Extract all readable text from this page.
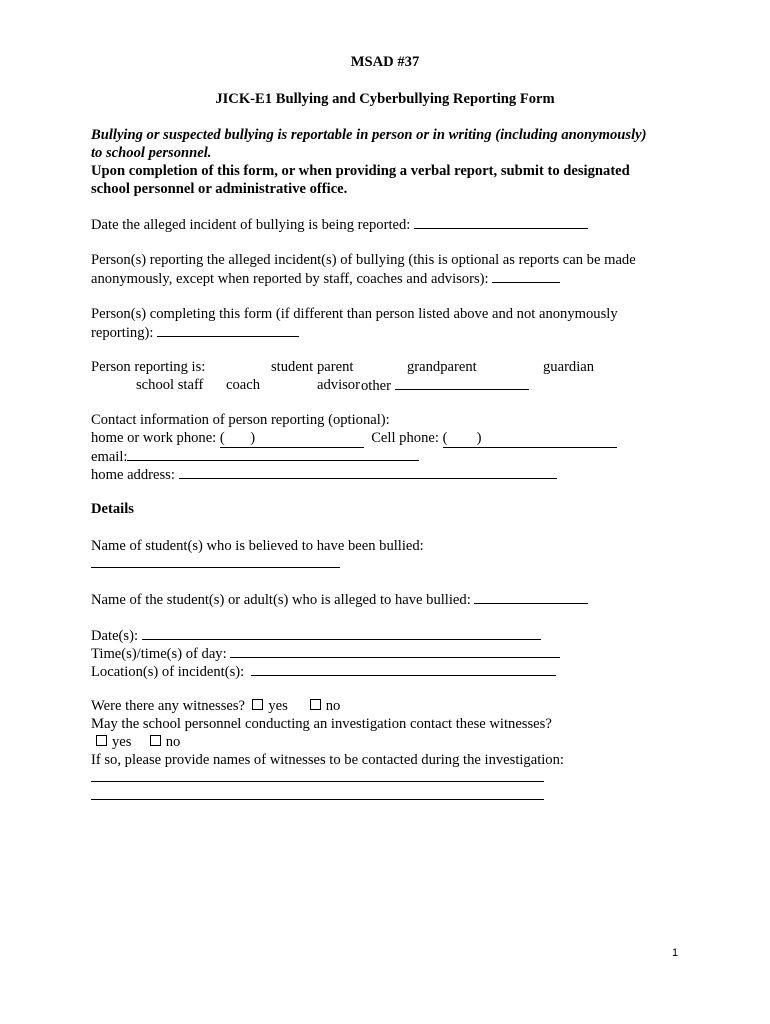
MSAD #37
JICK-E1 Bullying and Cyberbullying Reporting Form
Bullying or suspected bullying is reportable in person or in writing (including anonymously)
to school personnel.
Upon completion of this form, or when providing a verbal report, submit to designated
school personnel or administrative office.
Date the alleged incident of bullying is being reported:
Person(s) reporting the alleged incident(s) of bullying (this is optional as reports can be made
anonymously, except when reported by staff, coaches and advisors):
Person(s) completing this form (if different than person listed above and not anonymously
reporting):
Person reporting is:	student parent	grandparent	guardian
school staff coach	advisor other
Contact information of person reporting (optional):
home or work phone: (       )	Cell phone: (        )
email:
home address:
Details
Name of student(s) who is believed to have been bullied:
Name of the student(s) or adult(s) who is alleged to have bullied:
Date(s):
Time(s)/time(s) of day:
Location(s) of incident(s):
Were there any witnesses? yes	no
May the school personnel conducting an investigation contact these witnesses?
yes no
If so, please provide names of witnesses to be contacted during the investigation:
1
